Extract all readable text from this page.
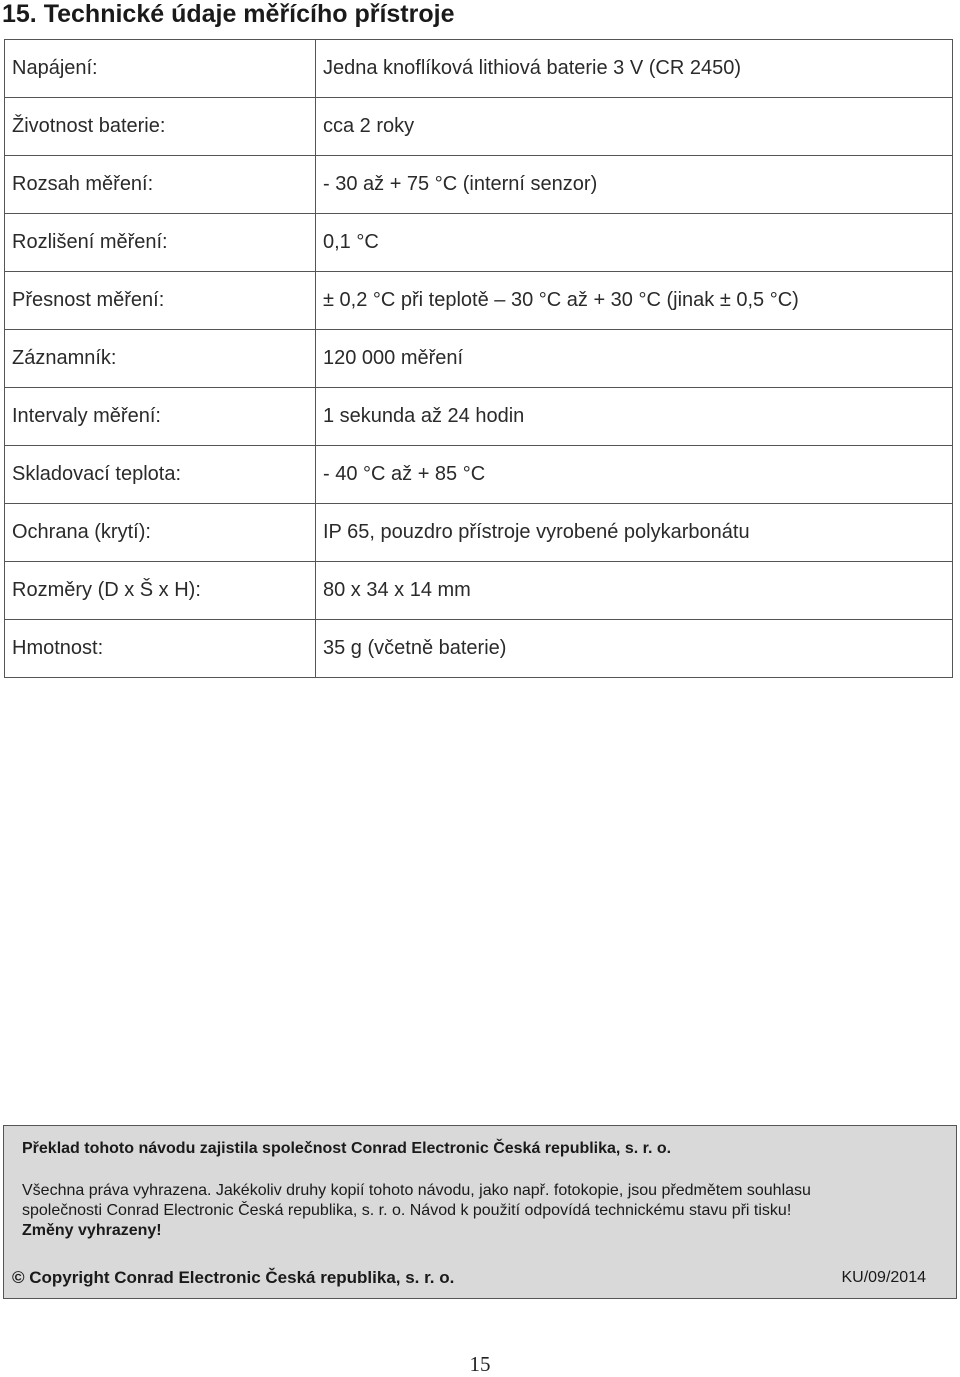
15. Technické údaje měřícího přístroje
Napájení:	Jedna knoflíková lithiová baterie 3 V (CR 2450)
Životnost baterie:	cca 2 roky
Rozsah měření:	- 30 až + 75 °C (interní senzor)
Rozlišení měření:	0,1 °C
Přesnost měření:	± 0,2 °C při teplotě – 30 °C až + 30 °C (jinak ± 0,5 °C)
Záznamník:	120 000 měření
Intervaly měření:	1 sekunda až 24 hodin
Skladovací teplota:	- 40 °C až + 85 °C
Ochrana (krytí):	IP 65, pouzdro přístroje vyrobené polykarbonátu
Rozměry (D x Š x H):	80 x 34 x 14 mm
Hmotnost:	35 g (včetně baterie)
Překlad tohoto návodu zajistila společnost Conrad Electronic Česká republika, s. r. o.
Všechna práva vyhrazena. Jakékoliv druhy kopií tohoto návodu, jako např. fotokopie, jsou předmětem souhlasu
společnosti Conrad Electronic Česká republika, s. r. o. Návod k použití odpovídá technickému stavu při tisku!
Změny vyhrazeny!
© Copyright Conrad Electronic Česká republika, s. r. o.	KU/09/2014
15
